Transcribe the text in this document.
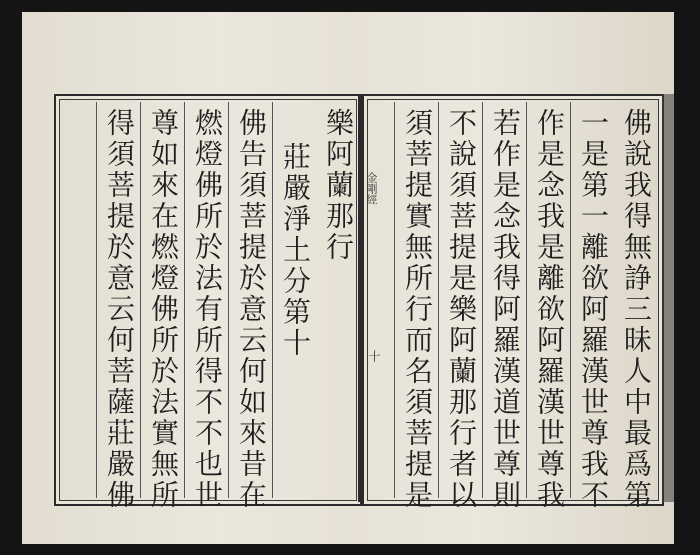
樂阿蘭那行
莊嚴淨土分第十
佛告須菩提於意云何如來昔在
燃燈佛所於法有所得不不也世
尊如來在燃燈佛所於法實無所
得須菩提於意云何菩薩莊嚴佛	金剛經
十	佛說我得無諍三昧人中最爲第
一是第一離欲阿羅漢世尊我不
作是念我是離欲阿羅漢世尊我
若作是念我得阿羅漢道世尊則
不說須菩提是樂阿蘭那行者以
須菩提實無所行而名須菩提是
